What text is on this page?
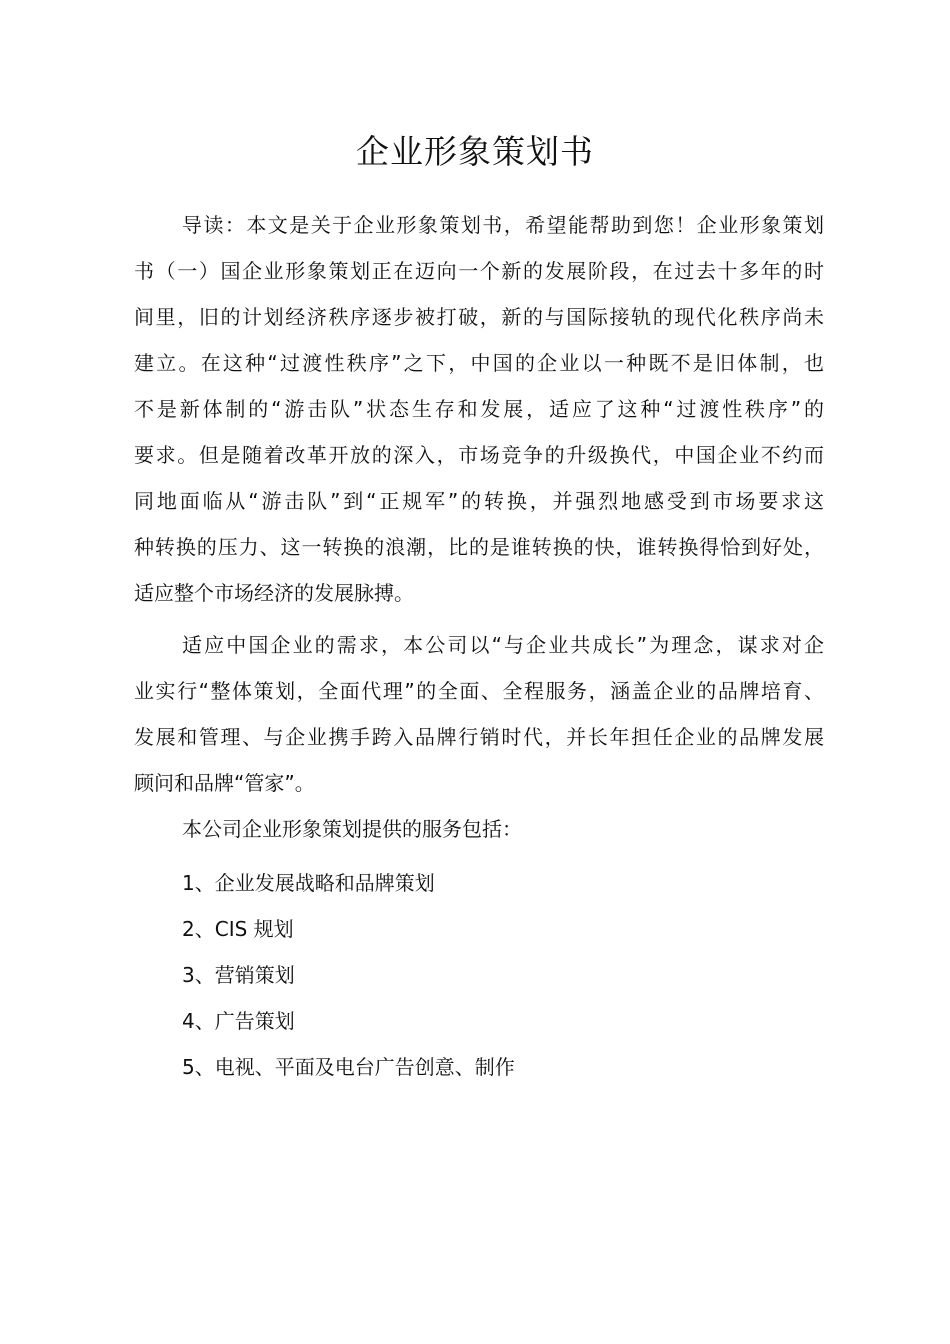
企业形象策划书
导读：本文是关于企业形象策划书，希望能帮助到您！企业形象策划
书（一）国企业形象策划正在迈向一个新的发展阶段，在过去十多年的时
间里，旧的计划经济秩序逐步被打破，新的与国际接轨的现代化秩序尚未
建立。在这种“过渡性秩序”之下，中国的企业以一种既不是旧体制，也
不是新体制的“游击队”状态生存和发展，适应了这种“过渡性秩序”的
要求。但是随着改革开放的深入，市场竞争的升级换代，中国企业不约而
同地面临从“游击队”到“正规军”的转换，并强烈地感受到市场要求这
种转换的压力、这一转换的浪潮，比的是谁转换的快，谁转换得恰到好处，
适应整个市场经济的发展脉搏。
适应中国企业的需求，本公司以“与企业共成长”为理念，谋求对企
业实行“整体策划，全面代理”的全面、全程服务，涵盖企业的品牌培育、
发展和管理、与企业携手跨入品牌行销时代，并长年担任企业的品牌发展
顾问和品牌“管家”。

本公司企业形象策划提供的服务包括：

1、企业发展战略和品牌策划
2、CIS 规划
3、营销策划
4、广告策划
5、电视、平面及电台广告创意、制作
